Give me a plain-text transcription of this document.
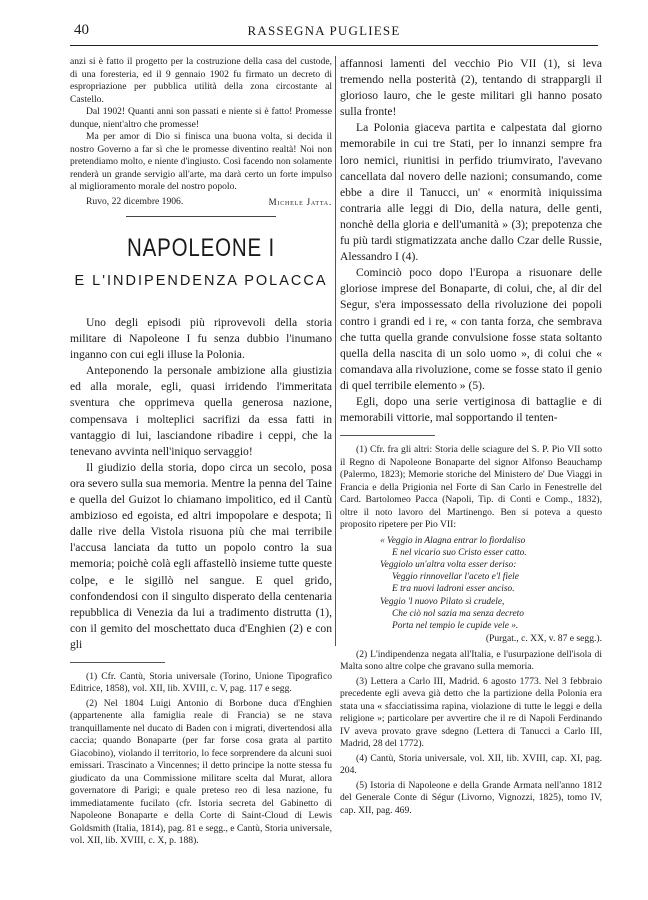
40	RASSEGNA PUGLIESE

anzi si è fatto il progetto per la costruzione della casa del custode, di una foresteria, ed il 9 gennaio 1902 fu firmato un decreto di espropriazione per pubblica utilità della zona circostante al Castello.

Dal 1902! Quanti anni son passati e niente si è fatto! Promesse dunque, nient'altro che promesse!

Ma per amor di Dio si finisca una buona volta, si decida il nostro Governo a far sì che le promesse diventino realtà! Noi non pretendiamo molto, e niente d'ingiusto. Così facendo non solamente renderà un grande servigio all'arte, ma darà certo un forte impulso al miglioramento morale del nostro popolo.

Ruvo, 22 dicembre 1906.	Michele Jatta.
NAPOLEONE I
E L'INDIPENDENZA POLACCA

Uno degli episodi più riprovevoli della storia militare di Napoleone I fu senza dubbio l'inumano inganno con cui egli illuse la Polonia.

Anteponendo la personale ambizione alla giustizia ed alla morale, egli, quasi irridendo l'immeritata sventura che opprimeva quella generosa nazione, compensava i molteplici sacrifizi da essa fatti in vantaggio di lui, lasciandone ribadire i ceppi, che la tenevano avvinta nell'iniquo servaggio!

Il giudizio della storia, dopo circa un secolo, posa ora severo sulla sua memoria. Mentre la penna del Taine e quella del Guizot lo chiamano impolitico, ed il Cantù ambizioso ed egoista, ed altri impopolare e despota; lì dalle rive della Vistola risuona più che mai terribile l'accusa lanciata da tutto un popolo contro la sua memoria; poichè colà egli affastellò insieme tutte queste colpe, e le sigillò nel sangue. E quel grido, confondendosi con il singulto disperato della centenaria repubblica di Venezia da lui a tradimento distrutta (1), con il gemito del moschettato duca d'Enghien (2) e con gli

(1) Cfr. Cantù, Storia universale (Torino, Unione Tipografico Editrice, 1858), vol. XII, lib. XVIII, c. V, pag. 117 e segg.

(2) Nel 1804 Luigi Antonio di Borbone duca d'Enghien (appartenente alla famiglia reale di Francia) se ne stava tranquillamente nel ducato di Baden con i migrati, divertendosi alla caccia; quando Bonaparte (per far forse cosa grata al partito Giacobino), violando il territorio, lo fece sorprendere da alcuni suoi emissari. Trascinato a Vincennes; il detto principe la notte stessa fu giudicato da una Commissione militare scelta dal Murat, allora governatore di Parigi; e quale preteso reo di lesa nazione, fu immediatamente fucilato (cfr. Istoria secreta del Gabinetto di Napoleone Bonaparte e della Corte di Saint-Cloud di Lewis Goldsmith (Italia, 1814), pag. 81 e segg., e Cantù, Storia universale, vol. XII, lib. XVIII, c. X, p. 188).

affannosi lamenti del vecchio Pio VII (1), si leva tremendo nella posterità (2), tentando di strappargli il glorioso lauro, che le geste militari gli hanno posato sulla fronte!

La Polonia giaceva partita e calpestata dal giorno memorabile in cui tre Stati, per lo innanzi sempre fra loro nemici, riunitisi in perfido triumvirato, l'avevano cancellata dal novero delle nazioni; consumando, come ebbe a dire il Tanucci, un' « enormità iniquissima contraria alle leggi di Dio, della natura, delle genti, nonchè della gloria e dell'umanità » (3); prepotenza che fu più tardi stigmatizzata anche dallo Czar delle Russie, Alessandro I (4).

Cominciò poco dopo l'Europa a risuonare delle gloriose imprese del Bonaparte, di colui, che, al dir del Segur, s'era impossessato della rivoluzione dei popoli contro i grandi ed i re, « con tanta forza, che sembrava che tutta quella grande convulsione fosse stata soltanto quella della nascita di un solo uomo », di colui che « comandava alla rivoluzione, come se fosse stato il genio di quel terribile elemento » (5).

Egli, dopo una serie vertiginosa di battaglie e di memorabili vittorie, mal sopportando il tenten-

(1) Cfr. fra gli altri: Storia delle sciagure del S. P. Pio VII sotto il Regno di Napoleone Bonaparte del signor Alfonso Beauchamp (Palermo, 1823); Memorie storiche del Ministero de' Due Viaggi in Francia e della Prigionia nel Forte di San Carlo in Fenestrelle del Card. Bartolomeo Pacca (Napoli, Tip. di Conti e Comp., 1832), oltre il noto lavoro del Martinengo. Ben si poteva a questo proposito ripetere per Pio VII:

« Veggio in Alagna entrar lo fiordaliso
E nel vicario suo Cristo esser catto.
Veggiolo un'altra volta esser deriso:
Veggio rinnovellar l'aceto e'l fiele
E tra nuovi ladroni esser anciso.
Veggio 'l nuovo Pilato sì crudele,
Che ciò nol sazia ma senza decreto
Porta nel tempio le cupide vele ».
(Purgat., c. XX, v. 87 e segg.).

(2) L'indipendenza negata all'Italia, e l'usurpazione dell'isola di Malta sono altre colpe che gravano sulla memoria.

(3) Lettera a Carlo III, Madrid. 6 agosto 1773. Nel 3 febbraio precedente egli aveva già detto che la partizione della Polonia era stata una « sfacciatissima rapina, violazione di tutte le leggi e della religione »; particolare per avvertire che il re di Napoli Ferdinando IV aveva provato grave sdegno (Lettera di Tanucci a Carlo III, Madrid, 28 del 1772).

(4) Cantù, Storia universale, vol. XII, lib. XVIII, cap. XI, pag. 204.

(5) Istoria di Napoleone e della Grande Armata nell'anno 1812 del Generale Conte di Ségur (Livorno, Vignozzi, 1825), tomo IV, cap. XII, pag. 469.
